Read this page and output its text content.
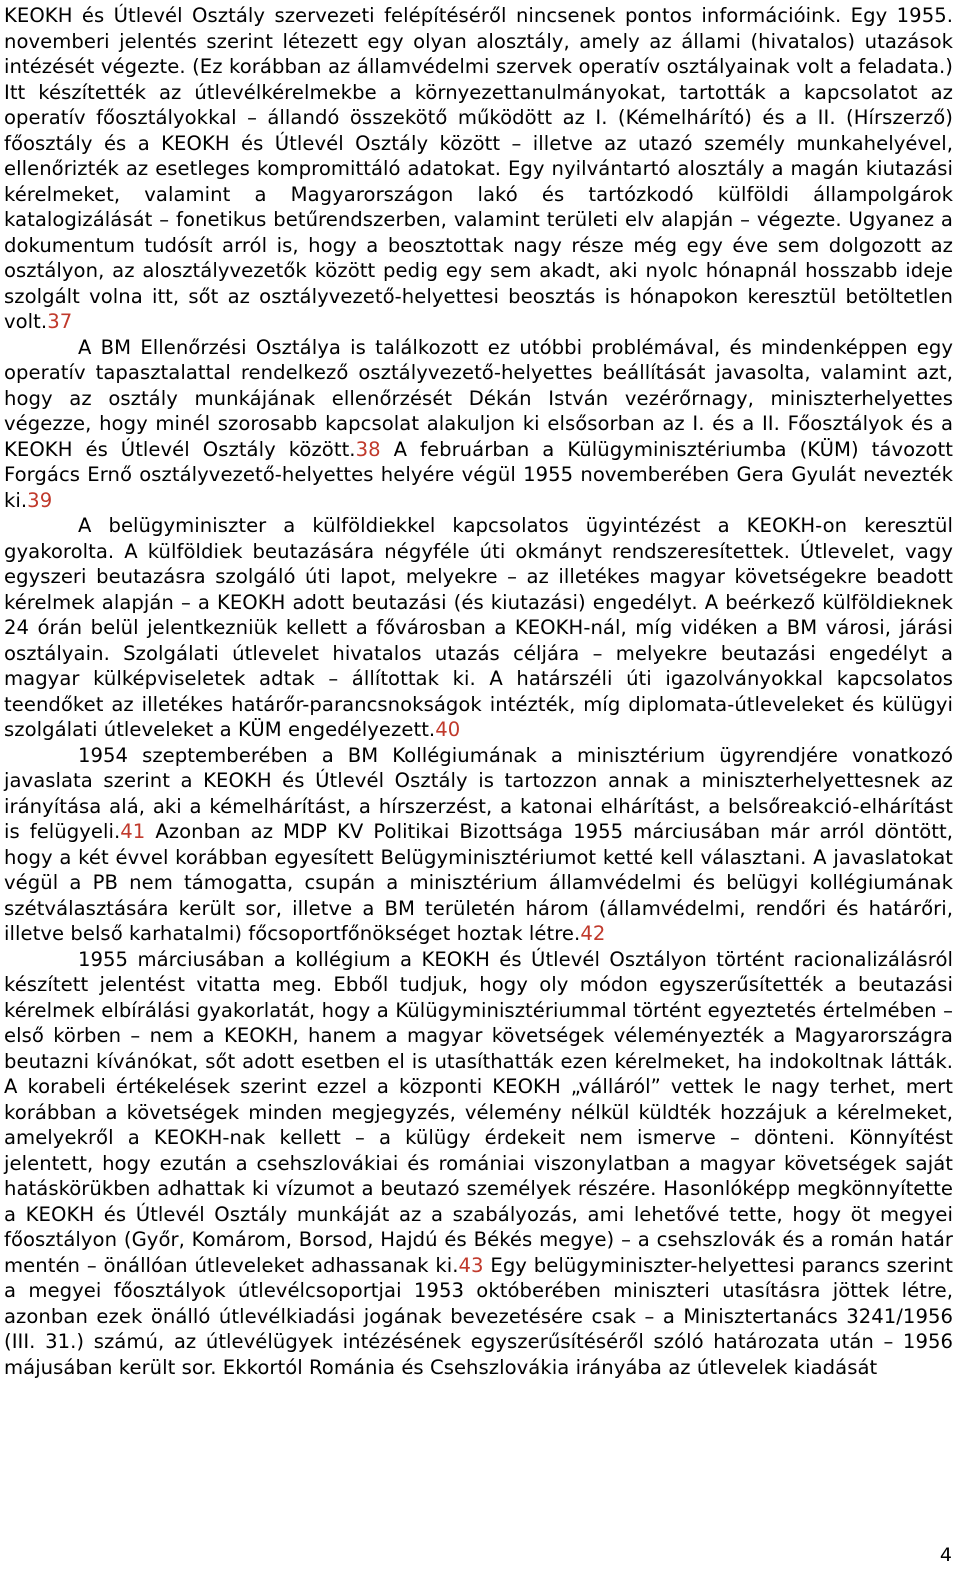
KEOKH és Útlevél Osztály szervezeti felépítéséről nincsenek pontos információink. Egy 1955. novemberi jelentés szerint létezett egy olyan alosztály, amely az állami (hivatalos) utazások intézését végezte. (Ez korábban az államvédelmi szervek operatív osztályainak volt a feladata.) Itt készítették az útlevélkérelmekbe a környezettanulmányokat, tartották a kapcsolatot az operatív főosztályokkal – állandó összekötő működött az I. (Kémelhárító) és a II. (Hírszerző) főosztály és a KEOKH és Útlevél Osztály között – illetve az utazó személy munkahelyével, ellenőrizték az esetleges kompromittáló adatokat. Egy nyilvántartó alosztály a magán kiutazási kérelmeket, valamint a Magyarországon lakó és tartózkodó külföldi állampolgárok katalogizálását – fonetikus betűrendszerben, valamint területi elv alapján – végezte. Ugyanez a dokumentum tudósít arról is, hogy a beosztottak nagy része még egy éve sem dolgozott az osztályon, az alosztályvezetők között pedig egy sem akadt, aki nyolc hónapnál hosszabb ideje szolgált volna itt, sőt az osztályvezető-helyettesi beosztás is hónapokon keresztül betöltetlen volt.37

A BM Ellenőrzési Osztálya is találkozott ez utóbbi problémával, és mindenképpen egy operatív tapasztalattal rendelkező osztályvezető-helyettes beállítását javasolta, valamint azt, hogy az osztály munkájának ellenőrzését Dékán István vezérőrnagy, miniszterhelyettes végezze, hogy minél szorosabb kapcsolat alakuljon ki elsősorban az I. és a II. Főosztályok és a KEOKH és Útlevél Osztály között.38 A februárban a Külügyminisztériumba (KÜM) távozott Forgács Ernő osztályvezető-helyettes helyére végül 1955 novemberében Gera Gyulát nevezték ki.39

A belügyminiszter a külföldiekkel kapcsolatos ügyintézést a KEOKH-on keresztül gyakorolta. A külföldiek beutazására négyféle úti okmányt rendszeresítettek. Útlevelet, vagy egyszeri beutazásra szolgáló úti lapot, melyekre – az illetékes magyar követségekre beadott kérelmek alapján – a KEOKH adott beutazási (és kiutazási) engedélyt. A beérkező külföldieknek 24 órán belül jelentkezniük kellett a fővárosban a KEOKH-nál, míg vidéken a BM városi, járási osztályain. Szolgálati útlevelet hivatalos utazás céljára – melyekre beutazási engedélyt a magyar külképviseletek adtak – állítottak ki. A határszéli úti igazolványokkal kapcsolatos teendőket az illetékes határőr-parancsnokságok intézték, míg diplomata-útleveleket és külügyi szolgálati útleveleket a KÜM engedélyezett.40

1954 szeptemberében a BM Kollégiumának a minisztérium ügyrendjére vonatkozó javaslata szerint a KEOKH és Útlevél Osztály is tartozzon annak a miniszterhelyettesnek az irányítása alá, aki a kémelhárítást, a hírszerzést, a katonai elhárítást, a belsőreakció-elhárítást is felügyeli.41 Azonban az MDP KV Politikai Bizottsága 1955 márciusában már arról döntött, hogy a két évvel korábban egyesített Belügyminisztériumot ketté kell választani. A javaslatokat végül a PB nem támogatta, csupán a minisztérium államvédelmi és belügyi kollégiumának szétválasztására került sor, illetve a BM területén három (államvédelmi, rendőri és határőri, illetve belső karhatalmi) főcsoportfőnökséget hoztak létre.42

1955 márciusában a kollégium a KEOKH és Útlevél Osztályon történt racionalizálásról készített jelentést vitatta meg. Ebből tudjuk, hogy oly módon egyszerűsítették a beutazási kérelmek elbírálási gyakorlatát, hogy a Külügyminisztériummal történt egyeztetés értelmében – első körben – nem a KEOKH, hanem a magyar követségek véleményezték a Magyarországra beutazni kívánókat, sőt adott esetben el is utasíthatták ezen kérelmeket, ha indokoltnak látták. A korabeli értékelések szerint ezzel a központi KEOKH „válláról” vettek le nagy terhet, mert korábban a követségek minden megjegyzés, vélemény nélkül küldték hozzájuk a kérelmeket, amelyekről a KEOKH-nak kellett – a külügy érdekeit nem ismerve – dönteni. Könnyítést jelentett, hogy ezután a csehszlovákiai és romániai viszonylatban a magyar követségek saját hatáskörükben adhattak ki vízumot a beutazó személyek részére. Hasonlóképp megkönnyítette a KEOKH és Útlevél Osztály munkáját az a szabályozás, ami lehetővé tette, hogy öt megyei főosztályon (Győr, Komárom, Borsod, Hajdú és Békés megye) – a csehszlovák és a román határ mentén – önállóan útleveleket adhassanak ki.43 Egy belügyminiszter-helyettesi parancs szerint a megyei főosztályok útlevélcsoportjai 1953 októberében miniszteri utasításra jöttek létre, azonban ezek önálló útlevélkiadási jogának bevezetésére csak – a Minisztertanács 3241/1956 (III. 31.) számú, az útlevélügyek intézésének egyszerűsítéséről szóló határozata után – 1956 májusában került sor. Ekkortól Románia és Csehszlovákia irányába az útlevelek kiadását

4
